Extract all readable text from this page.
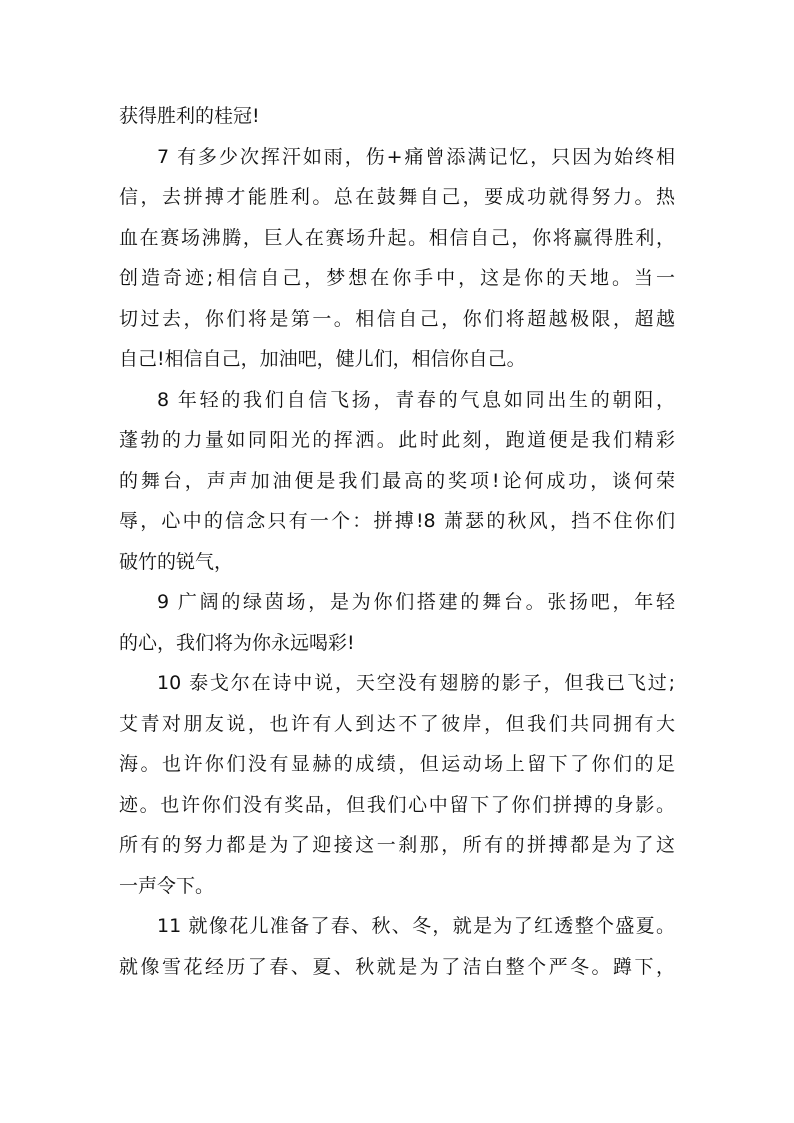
获得胜利的桂冠!
7 有多少次挥汗如雨，伤+痛曾添满记忆，只因为始终相
信，去拼搏才能胜利。总在鼓舞自己，要成功就得努力。热
血在赛场沸腾，巨人在赛场升起。相信自己，你将赢得胜利，
创造奇迹;相信自己，梦想在你手中，这是你的天地。当一
切过去，你们将是第一。相信自己，你们将超越极限，超越
自己!相信自己，加油吧，健儿们，相信你自己。
8 年轻的我们自信飞扬，青春的气息如同出生的朝阳，
蓬勃的力量如同阳光的挥洒。此时此刻，跑道便是我们精彩
的舞台，声声加油便是我们最高的奖项!论何成功，谈何荣
辱，心中的信念只有一个：拼搏!8 萧瑟的秋风，挡不住你们
破竹的锐气，
9 广阔的绿茵场，是为你们搭建的舞台。张扬吧，年轻
的心，我们将为你永远喝彩!
10 泰戈尔在诗中说，天空没有翅膀的影子，但我已飞过;
艾青对朋友说，也许有人到达不了彼岸，但我们共同拥有大
海。也许你们没有显赫的成绩，但运动场上留下了你们的足
迹。也许你们没有奖品，但我们心中留下了你们拼搏的身影。
所有的努力都是为了迎接这一刹那，所有的拼搏都是为了这
一声令下。
11 就像花儿准备了春、秋、冬，就是为了红透整个盛夏。
就像雪花经历了春、夏、秋就是为了洁白整个严冬。蹲下，
